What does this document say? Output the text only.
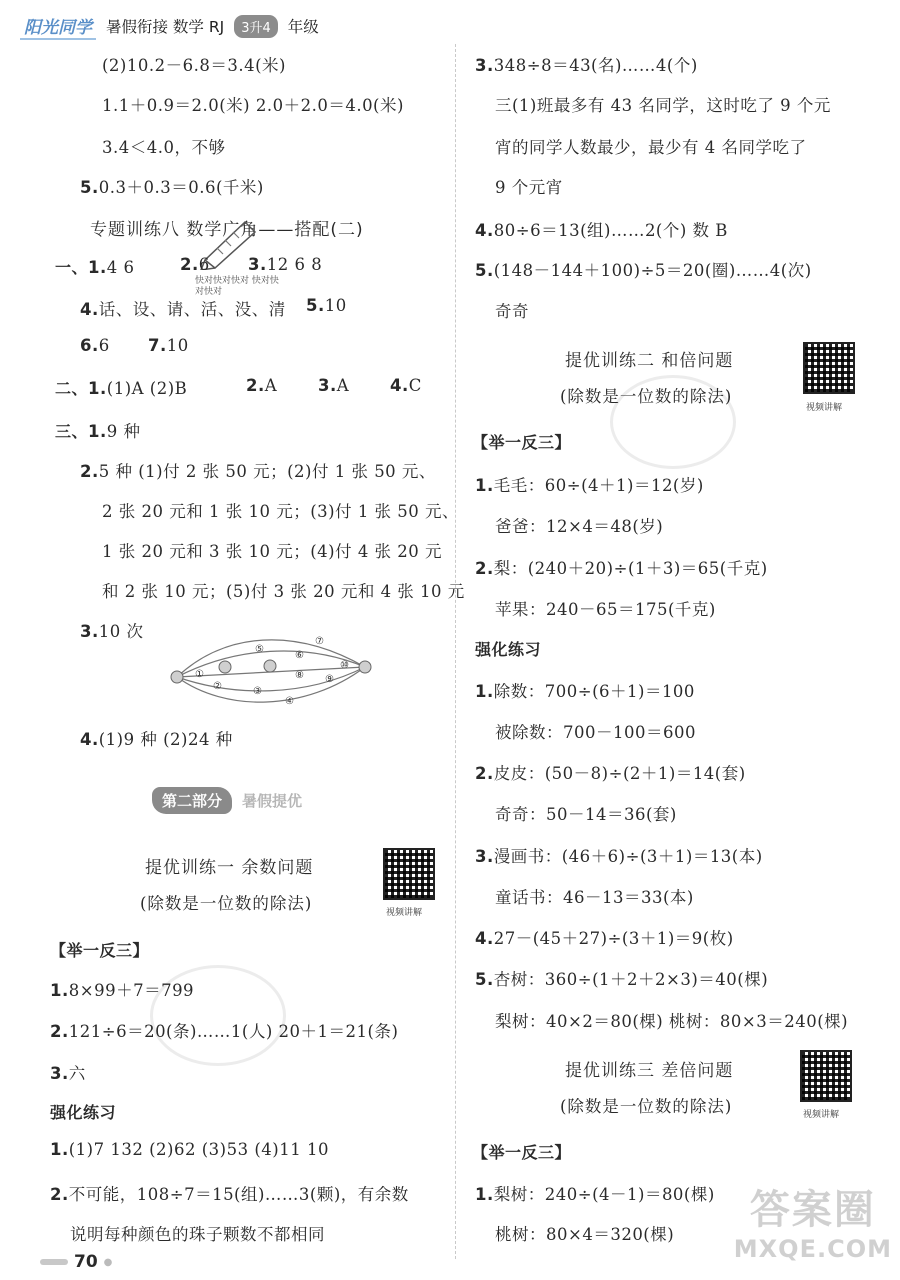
阳光同学 暑假衔接 数学 RJ	3升4	年级
(2)10.2－6.8＝3.4(米)
1.1＋0.9＝2.0(米) 2.0＋2.0＝4.0(米)
3.4＜4.0，不够
5.0.3＋0.3＝0.6(千米)
专题训练八 数学广角——搭配(二)
快对快对快对 快对快对快对
一、1.4 6	2.6 3.12 6 8
4.话、设、请、活、没、清 5.10
6.6 7.10
二、1.(1)A (2)B	2.A 3.A 4.C
三、1.9 种
2.5 种 (1)付 2 张 50 元；(2)付 1 张 50 元、
2 张 20 元和 1 张 10 元；(3)付 1 张 50 元、
1 张 20 元和 3 张 10 元；(4)付 4 张 20 元
和 2 张 10 元；(5)付 3 张 20 元和 4 张 10 元
3.10 次
①
②	③
④
⑤
⑥
⑦
⑧ ⑨
⑩
4.(1)9 种 (2)24 种
第二部分	暑假提优
提优训练一 余数问题
(除数是一位数的除法)	视频讲解
【举一反三】
1.8×99＋7＝799
2.121÷6＝20(条)……1(人) 20＋1＝21(条)
3.六
强化练习
1.(1)7 132 (2)62 (3)53 (4)11 10
2.不可能，108÷7＝15(组)……3(颗)，有余数
说明每种颜色的珠子颗数不都相同
3.348÷8＝43(名)……4(个)
三(1)班最多有 43 名同学，这时吃了 9 个元
宵的同学人数最少，最少有 4 名同学吃了
9 个元宵
4.80÷6＝13(组)……2(个) 数 B
5.(148－144＋100)÷5＝20(圈)……4(次)
奇奇
提优训练二 和倍问题
(除数是一位数的除法)
视频讲解
【举一反三】
1.毛毛：60÷(4＋1)＝12(岁)
爸爸：12×4＝48(岁)
2.梨：(240＋20)÷(1＋3)＝65(千克)
苹果：240－65＝175(千克)
强化练习
1.除数：700÷(6＋1)＝100
被除数：700－100＝600
2.皮皮：(50－8)÷(2＋1)＝14(套)
奇奇：50－14＝36(套)
3.漫画书：(46＋6)÷(3＋1)＝13(本)
童话书：46－13＝33(本)
4.27－(45＋27)÷(3＋1)＝9(枚)
5.杏树：360÷(1＋2＋2×3)＝40(棵)
梨树：40×2＝80(棵) 桃树：80×3＝240(棵)
提优训练三 差倍问题
(除数是一位数的除法)	视频讲解
【举一反三】
1.梨树：240÷(4－1)＝80(棵)
桃树：80×4＝320(棵)
答案圈
MXQE.COM
70 ●
